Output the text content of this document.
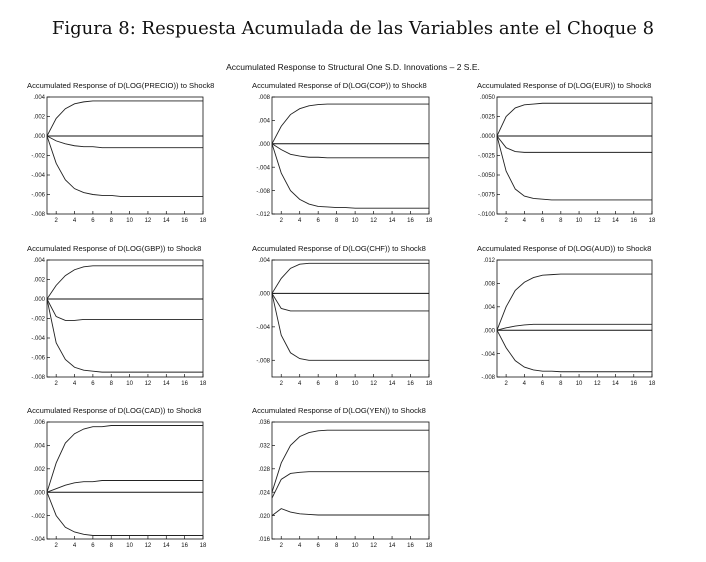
Figura 8: Respuesta Acumulada de las Variables ante el Choque 8
Accumulated Response to Structural One S.D. Innovations – 2 S.E.
Accumulated Response of D(LOG(PRECIO)) to Shock8
.004
.002
.000
-.002
-.004
-.006
-.008
2	4	6	8 10 12 14 16 18
Accumulated Response of D(LOG(COP)) to Shock8
.008
.004
.000
-.004
-.008
-.012
2	4	6	8 10 12 14 16 18
Accumulated Response of D(LOG(EUR)) to Shock8
.0050
.0025
.0000
-.0025
-.0050
-.0075
-.0100
2 4 6 8 10 12 14 16 18
Accumulated Response of D(LOG(GBP)) to Shock8
.004
.002
.000
-.002
-.004
-.006
-.008
2	4	6	8 10 12 14 16 18
Accumulated Response of D(LOG(CHF)) to Shock8
.004
.000
-.004
-.008
2	4	6	8 10 12 14 16 18
Accumulated Response of D(LOG(AUD)) to Shock8
.012
.008
.004
.000
-.004
-.008
2 4 6 8 10 12 14 16 18
Accumulated Response of D(LOG(CAD)) to Shock8
.006
.004
.002
.000
-.002
-.004
2	4	6	8 10 12 14 16 18
Accumulated Response of D(LOG(YEN)) to Shock8
.036
.032
.028
.024
.020
.016
2	4	6	8 10 12 14 16 18
